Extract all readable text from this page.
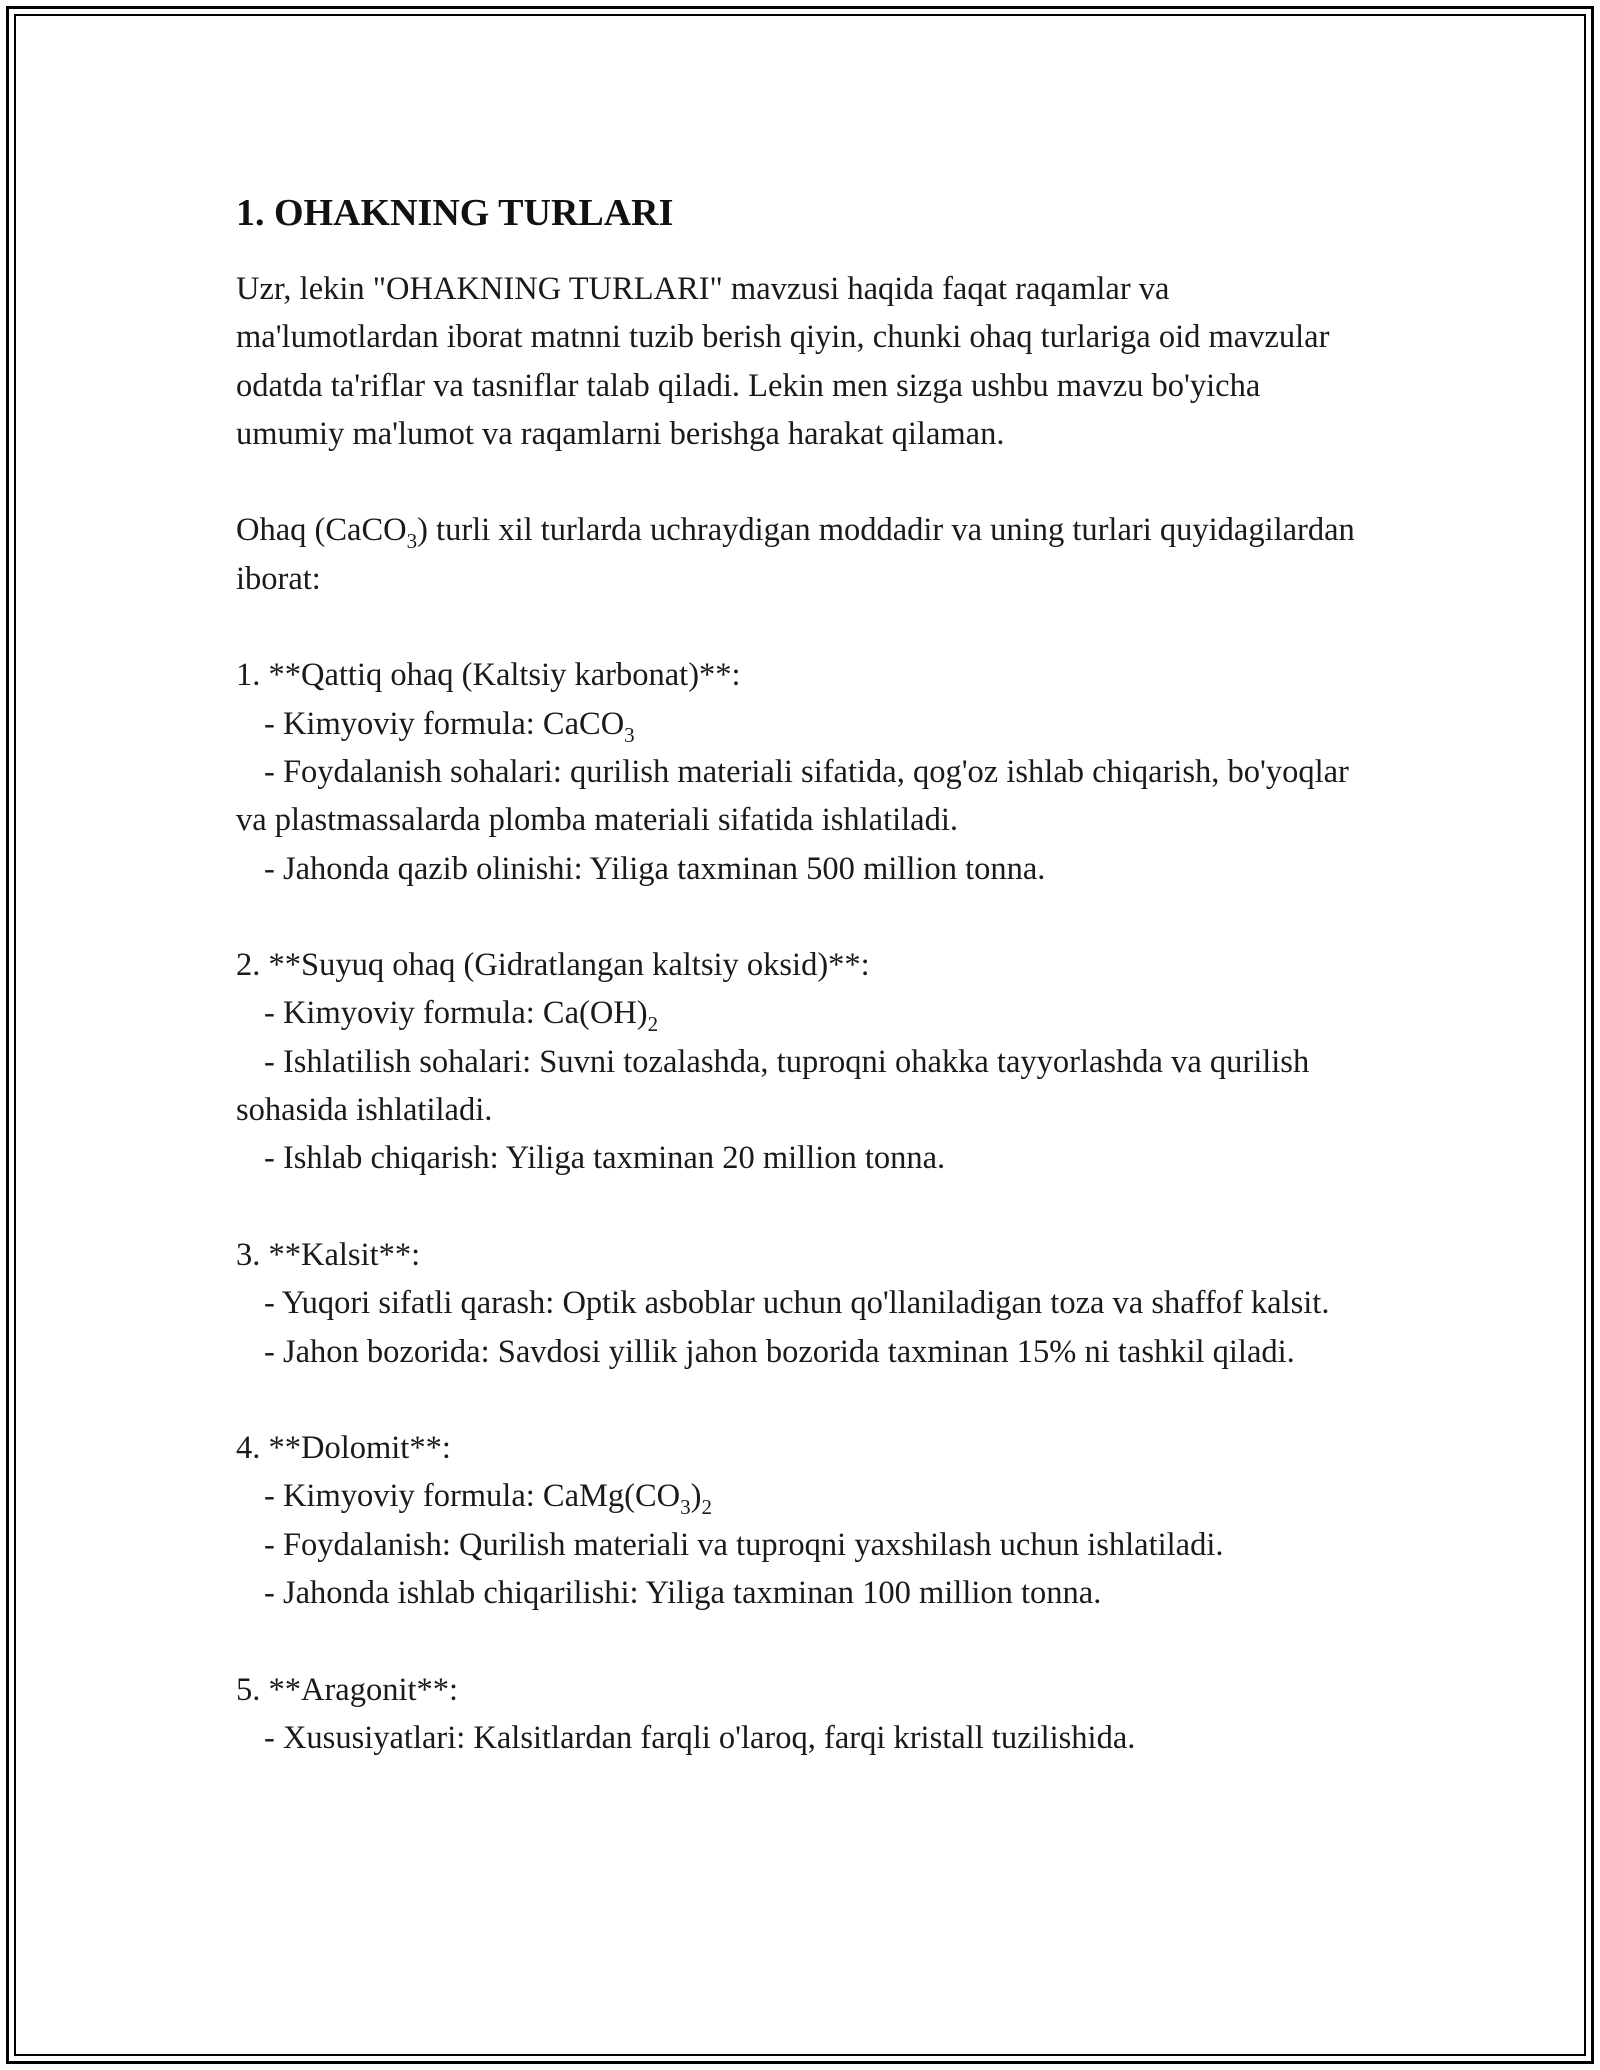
1. OHAKNING TURLARI

Uzr, lekin "OHAKNING TURLARI" mavzusi haqida faqat raqamlar va ma'lumotlardan iborat matnni tuzib berish qiyin, chunki ohaq turlariga oid mavzular odatda ta'riflar va tasniflar talab qiladi. Lekin men sizga ushbu mavzu bo'yicha umumiy ma'lumot va raqamlarni berishga harakat qilaman.

Ohaq (CaCO$_3$) turli xil turlarda uchraydigan moddadir va uning turlari quyidagilardan iborat:

1. **Qattiq ohaq (Kaltsiy karbonat)**:
- Kimyoviy formula: CaCO$_3$
- Foydalanish sohalari: qurilish materiali sifatida, qog'oz ishlab chiqarish, bo'yoqlar va plastmassalarda plomba materiali sifatida ishlatiladi.
- Jahonda qazib olinishi: Yiliga taxminan 500 million tonna.
2. **Suyuq ohaq (Gidratlangan kaltsiy oksid)**:
- Kimyoviy formula: $Ca(OH)_2$
- Ishlatilish sohalari: Suvni tozalashda, tuproqni ohakka tayyorlashda va qurilish sohasida ishlatiladi.
- Ishlab chiqarish: Yiliga taxminan 20 million tonna.
3. **Kalsit**:
- Yuqori sifatli qarash: Optik asboblar uchun qo'llaniladigan toza va shaffof kalsit.
- Jahon bozorida: Savdosi yillik jahon bozorida taxminan 15% ni tashkil qiladi.
4. **Dolomit**:
- Kimyoviy formula: $CaMg(CO_3)_2$
- Foydalanish: Qurilish materiali va tuproqni yaxshilash uchun ishlatiladi.
- Jahonda ishlab chiqarilishi: Yiliga taxminan 100 million tonna.
5. **Aragonit**:
- Xususiyatlari: Kalsitlardan farqli o'laroq, farqi kristall tuzilishida.
